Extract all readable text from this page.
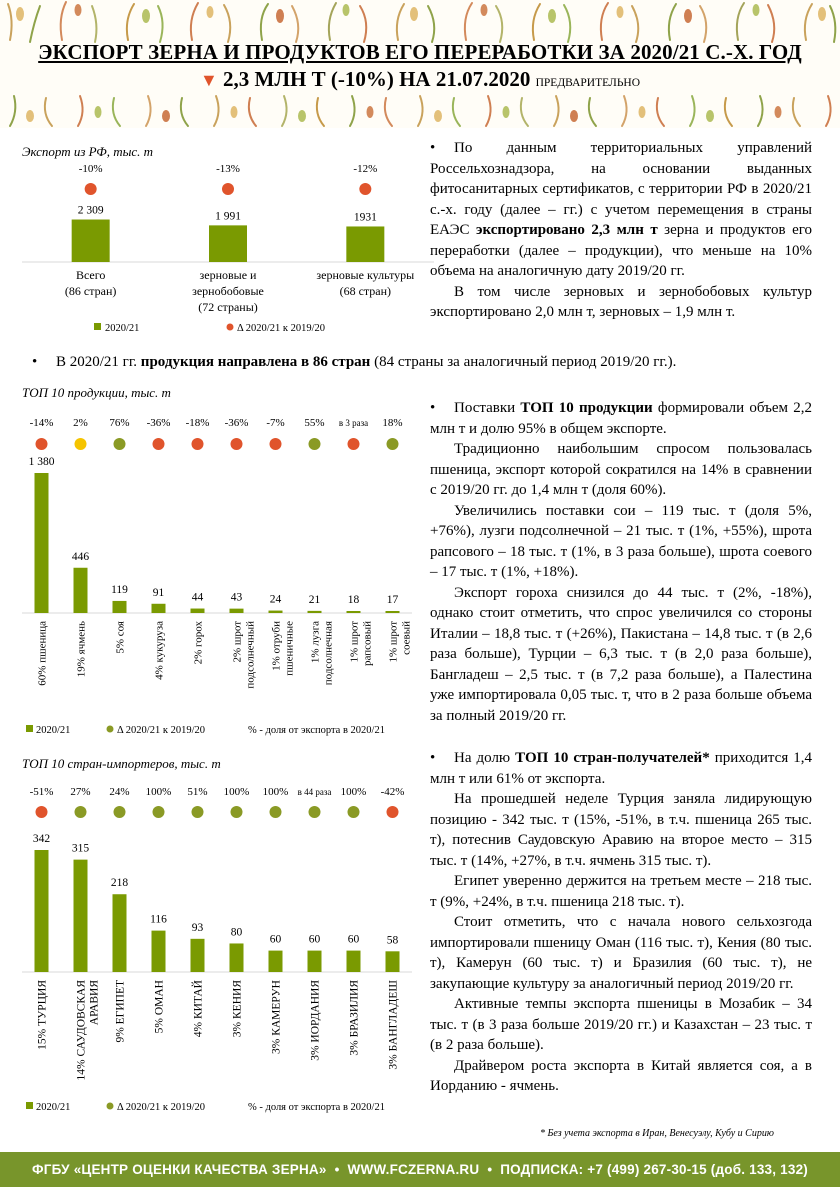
ЭКСПОРТ ЗЕРНА И ПРОДУКТОВ ЕГО ПЕРЕРАБОТКИ ЗА 2020/21 С.-Х. ГОД
▼ 2,3 МЛН Т (-10%) НА 21.07.2020 ПРЕДВАРИТЕЛЬНО
Экспорт из РФ, тыс. т
-10%
2 309
Всего (86 стран)
-13%
1 991
зерновые и зернобобовые (72 страны)
-12%
1931
зерновые культуры (68 стран)
2020/21	Δ 2020/21 к 2019/20
ТОП 10 продукции, тыс. т
-14%
1 380
60% пшеница
2%
446
19% ячмень
76%
119
5% соя
-36%
91
4% кукуруза
-18%
44
2% горох
-36%
43
2% шротподсолнечный
-7%
24
1% отрубипшеничные
55%
21
1% лузгаподсолнечная
в 3 раза
18
1% шротрапсовый
18%
17
1% шротсоевый
2020/21	Δ 2020/21 к 2019/20	% - доля от экспорта в 2020/21
ТОП 10 стран-импортеров, тыс. т
-51%
342
15% ТУРЦИЯ
27%
315
14% САУДОВСКАЯАРАВИЯ
24%
218
9% ЕГИПЕТ
100%
116
5% ОМАН
51%
93
4% КИТАЙ
100%
80
3% КЕНИЯ
100%
60
3% КАМЕРУН
в 44 раза
60
3% ИОРДАНИЯ
100%
60
3% БРАЗИЛИЯ
-42%
58
3% БАНГЛАДЕШ
2020/21	Δ 2020/21 к 2019/20	% - доля от экспорта в 2020/21

• По данным территориальных управлений Россельхознадзора, на основании выданных фитосанитарных сертификатов, с территории РФ в 2020/21 с.-х. году (далее – гг.) с учетом перемещения в страны ЕАЭС экспортировано 2,3 млн т зерна и продуктов его переработки (далее – продукции), что меньше на 10% объема на аналогичную дату 2019/20 гг.

В том числе зерновых и зернобобовых культур экспортировано 2,0 млн т, зерновых – 1,9 млн т.

• В 2020/21 гг. продукция направлена в 86 стран (84 страны за аналогичный период 2019/20 гг.).

• Поставки ТОП 10 продукции формировали объем 2,2 млн т и долю 95% в общем экспорте.

Традиционно наибольшим спросом пользовалась пшеница, экспорт которой сократился на 14% в сравнении с 2019/20 гг. до 1,4 млн т (доля 60%).

Увеличились поставки сои – 119 тыс. т (доля 5%, +76%), лузги подсолнечной – 21 тыс. т (1%, +55%), шрота рапсового – 18 тыс. т (1%, в 3 раза больше), шрота соевого – 17 тыс. т (1%, +18%).

Экспорт гороха снизился до 44 тыс. т (2%, -18%), однако стоит отметить, что спрос увеличился со стороны Италии – 18,8 тыс. т (+26%), Пакистана – 14,8 тыс. т (в 2,6 раза больше), Турции – 6,3 тыс. т (в 2,0 раза больше), Бангладеш – 2,5 тыс. т (в 7,2 раза больше), а Палестина уже импортировала 0,05 тыс. т, что в 2 раза больше объема за полный 2019/20 гг.

• На долю ТОП 10 стран-получателей* приходится 1,4 млн т или 61% от экспорта.

На прошедшей неделе Турция заняла лидирующую позицию - 342 тыс. т (15%, -51%, в т.ч. пшеница 265 тыс. т), потеснив Саудовскую Аравию на второе место – 315 тыс. т (14%, +27%, в т.ч. ячмень 315 тыс. т).

Египет уверенно держится на третьем месте – 218 тыс. т (9%, +24%, в т.ч. пшеница 218 тыс. т).

Стоит отметить, что с начала нового сельхозгода импортировали пшеницу Оман (116 тыс. т), Кения (80 тыс. т), Камерун (60 тыс. т) и Бразилия (60 тыс. т), не закупающие культуру за аналогичный период 2019/20 гг.

Активные темпы экспорта пшеницы в Мозабик – 34 тыс. т (в 3 раза больше 2019/20 гг.) и Казахстан – 23 тыс. т (в 2 раза больше).

Драйвером роста экспорта в Китай является соя, а в Иорданию - ячмень.

* Без учета экспорта в Иран, Венесуэлу, Кубу и Сирию
ФГБУ «ЦЕНТР ОЦЕНКИ КАЧЕСТВА ЗЕРНА» • WWW.FCZERNA.RU • ПОДПИСКА: +7 (499) 267-30-15 (доб. 133, 132)
